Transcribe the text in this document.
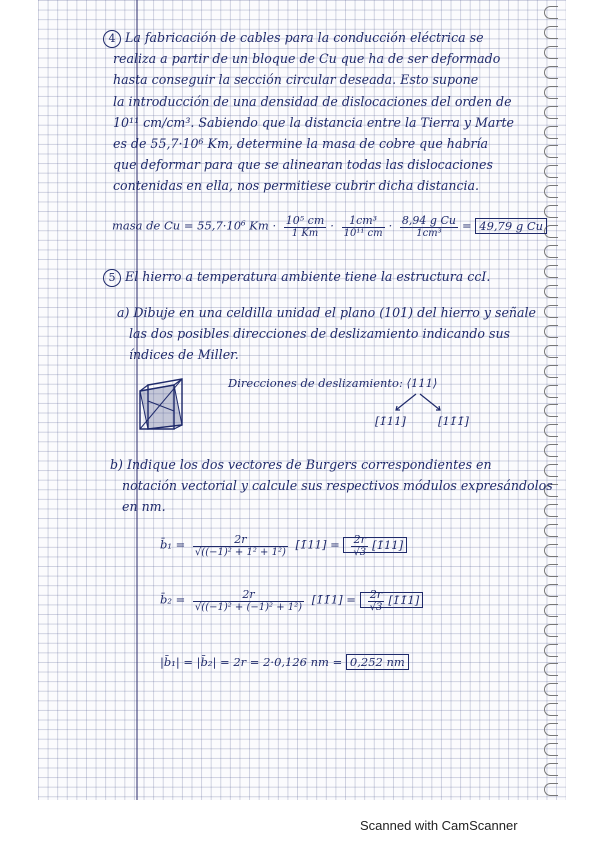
4 La fabricación de cables para la conducción eléctrica se
realiza a partir de un bloque de Cu que ha de ser deformado
hasta conseguir la sección circular deseada. Esto supone
la introducción de una densidad de dislocaciones del orden de
10¹¹ cm/cm³. Sabiendo que la distancia entre la Tierra y Marte
es de 55,7·10⁶ Km, determine la masa de cobre que habría
que deformar para que se alinearan todas las dislocaciones
contenidas en ella, nos permitiese cubrir dicha distancia.
masa de Cu = 55,7·10⁶ $Km \cdot \frac{\text{10⁵ cm}}{1 Km} \cdot \frac{\text{1cm³}}{\text{10¹¹ cm}} \cdot \frac{\text{8,94 g Cu}}{\text{1cm³}} = 49,79$ g Cu
5 El hierro a temperatura ambiente tiene la estructura ccI.
a) Dibuje en una celdilla unidad el plano (101) del hierro y señale
las dos posibles direcciones de deslizamiento indicando sus
índices de Miller.
Direcciones de deslizamiento: ⟨111⟩
[1̄11]	[11̄1̄]
b) Indique los dos vectores de Burgers correspondientes en
notación vectorial y calcule sus respectivos módulos expresándolos
en nm.
b̄₁ = $\frac{2r}{\text{√((−1)² + 1² + 1²)}}$ [1̄11] = $\frac{2r}{√3}$ [1̄11]
b̄₂ = $\frac{2r}{\text{√((−1)² + (−1)² + 1²)}}$ [1̄1̄1] = $\frac{2r}{√3}$ [1̄1̄1]
|b̄₁| = |b̄₂| = 2r = 2·0,126 nm = 0,252 nm
Scanned with CamScanner
